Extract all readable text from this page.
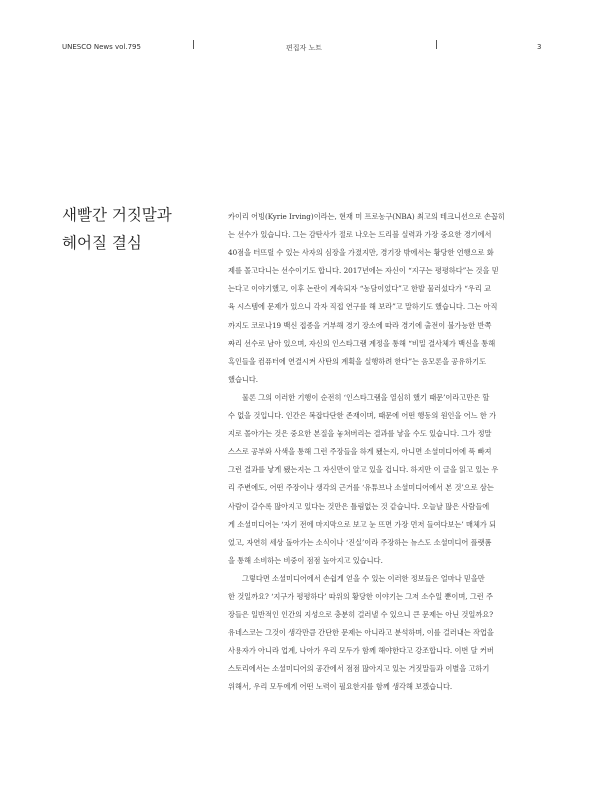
UNESCO News vol.795	편집자 노트	3
새빨간 거짓말과
헤어질 결심
카이리 어빙(Kyrie Irving)이라는, 현재 미 프로농구(NBA) 최고의 테크니션으로 손꼽히
는 선수가 있습니다. 그는 감탄사가 절로 나오는 드리블 실력과 가장 중요한 경기에서
40점을 터뜨릴 수 있는 사자의 심장을 가졌지만, 경기장 밖에서는 황당한 언행으로 화
제를 몰고다니는 선수이기도 합니다. 2017년에는 자신이 “지구는 평평하다”는 것을 믿
는다고 이야기했고, 이후 논란이 계속되자 “농담이었다”고 한발 물러섰다가 “우리 교
육 시스템에 문제가 있으니 각자 직접 연구를 해 보라”고 말하기도 했습니다. 그는 아직
까지도 코로나19 백신 접종을 거부해 경기 장소에 따라 경기에 출전이 불가능한 반쪽
짜리 선수로 남아 있으며, 자신의 인스타그램 계정을 통해 “비밀 결사체가 백신을 통해
흑인들을 컴퓨터에 연결시켜 사탄의 계획을 실행하려 한다”는 음모론을 공유하기도
했습니다.
물론 그의 이러한 기행이 순전히 ‘인스타그램을 열심히 했기 때문’이라고만은 할
수 없을 것입니다. 인간은 복잡다단한 존재이며, 때문에 어떤 행동의 원인을 어느 한 가
지로 몰아가는 것은 중요한 본질을 놓쳐버리는 결과를 낳을 수도 있습니다. 그가 정말
스스로 공부와 사색을 통해 그런 주장들을 하게 됐는지, 아니면 소셜미디어에 푹 빠져
그런 결과를 낳게 됐는지는 그 자신만이 알고 있을 겁니다. 하지만 이 글을 읽고 있는 우
리 주변에도, 어떤 주장이나 생각의 근거를 ‘유튜브나 소셜미디어에서 본 것’으로 삼는
사람이 갈수록 많아지고 있다는 것만은 틀림없는 것 같습니다. 오늘날 많은 사람들에
게 소셜미디어는 ‘자기 전에 마지막으로 보고 눈 뜨면 가장 먼저 들여다보는’ 매체가 되
었고, 자연히 세상 돌아가는 소식이나 ‘진실’이라 주장하는 뉴스도 소셜미디어 플랫폼
을 통해 소비하는 비중이 점점 높아지고 있습니다.
그렇다면 소셜미디어에서 손쉽게 얻을 수 있는 이러한 정보들은 얼마나 믿을만
한 것일까요? ‘지구가 평평하다’ 따위의 황당한 이야기는 그저 소수일 뿐이며, 그런 주
장들은 일반적인 인간의 지성으로 충분히 걸러낼 수 있으니 큰 문제는 아닌 것일까요?
유네스코는 그것이 생각만큼 간단한 문제는 아니라고 분석하며, 이를 걸러내는 작업을
사용자가 아니라 업계, 나아가 우리 모두가 함께 해야한다고 강조합니다. 이번 달 커버
스토리에서는 소셜미디어의 공간에서 점점 많아지고 있는 거짓말들과 이별을 고하기
위해서, 우리 모두에게 어떤 노력이 필요한지를 함께 생각해 보겠습니다.
